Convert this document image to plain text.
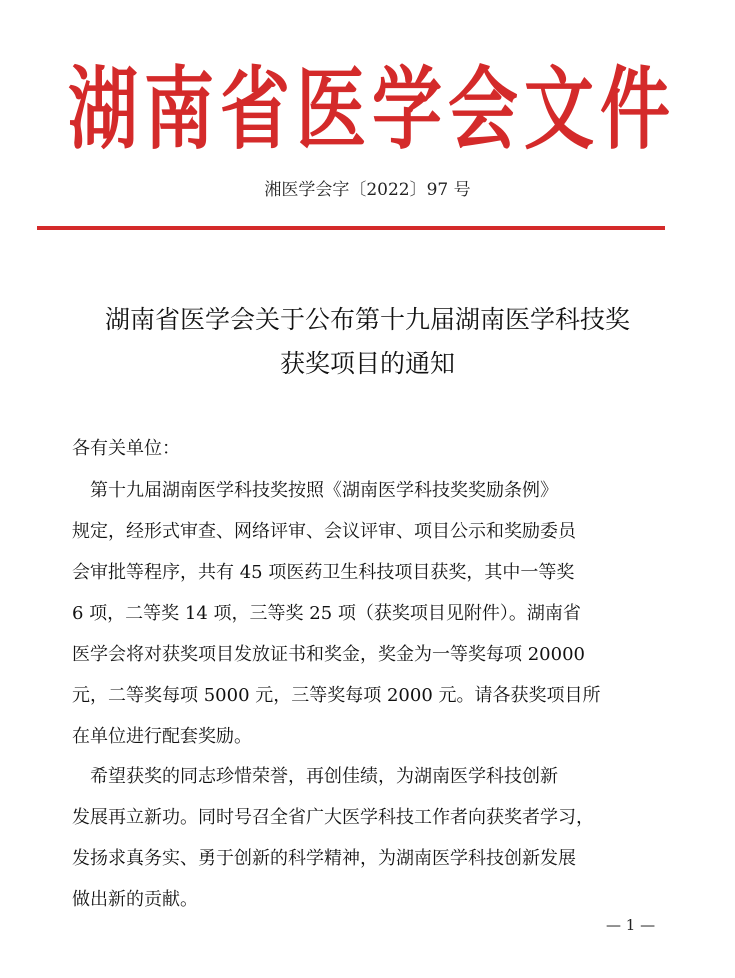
湖南省医学会文件
湘医学会字〔2022〕97 号
湖南省医学会关于公布第十九届湖南医学科技奖
获奖项目的通知
各有关单位：
　第十九届湖南医学科技奖按照《湖南医学科技奖奖励条例》
规定，经形式审查、网络评审、会议评审、项目公示和奖励委员
会审批等程序，共有 45 项医药卫生科技项目获奖，其中一等奖
6 项，二等奖 14 项，三等奖 25 项（获奖项目见附件）。湖南省
医学会将对获奖项目发放证书和奖金，奖金为一等奖每项 20000
元，二等奖每项 5000 元，三等奖每项 2000 元。请各获奖项目所
在单位进行配套奖励。
　希望获奖的同志珍惜荣誉，再创佳绩，为湖南医学科技创新
发展再立新功。同时号召全省广大医学科技工作者向获奖者学习，
发扬求真务实、勇于创新的科学精神，为湖南医学科技创新发展
做出新的贡献。
— 1 —
